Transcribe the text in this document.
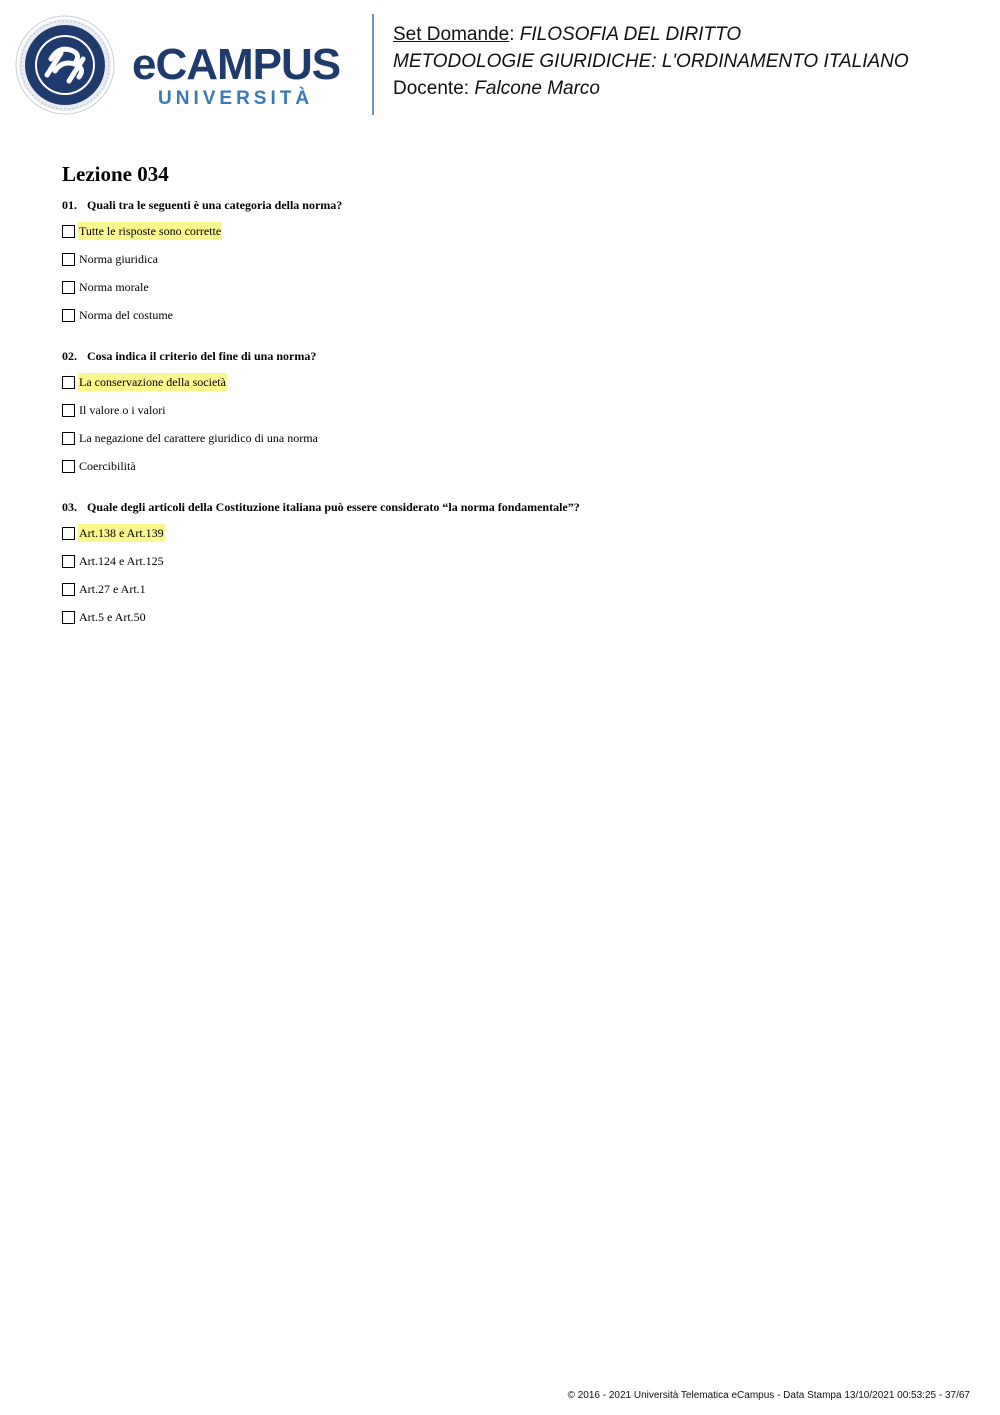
eCAMPUS
UNIVERSITÀ
Set Domande: FILOSOFIA DEL DIRITTO
METODOLOGIE GIURIDICHE: L'ORDINAMENTO ITALIANO
Docente: Falcone Marco
Lezione 034
01. Quali tra le seguenti è una categoria della norma?
Tutte le risposte sono corrette
Norma giuridica
Norma morale
Norma del costume
02. Cosa indica il criterio del fine di una norma?
La conservazione della società
Il valore o i valori
La negazione del carattere giuridico di una norma
Coercibilità
03. Quale degli articoli della Costituzione italiana può essere considerato “la norma fondamentale”?
Art.138 e Art.139
Art.124 e Art.125
Art.27 e Art.1
Art.5 e Art.50
© 2016 - 2021 Università Telematica eCampus - Data Stampa 13/10/2021 00:53:25 - 37/67
